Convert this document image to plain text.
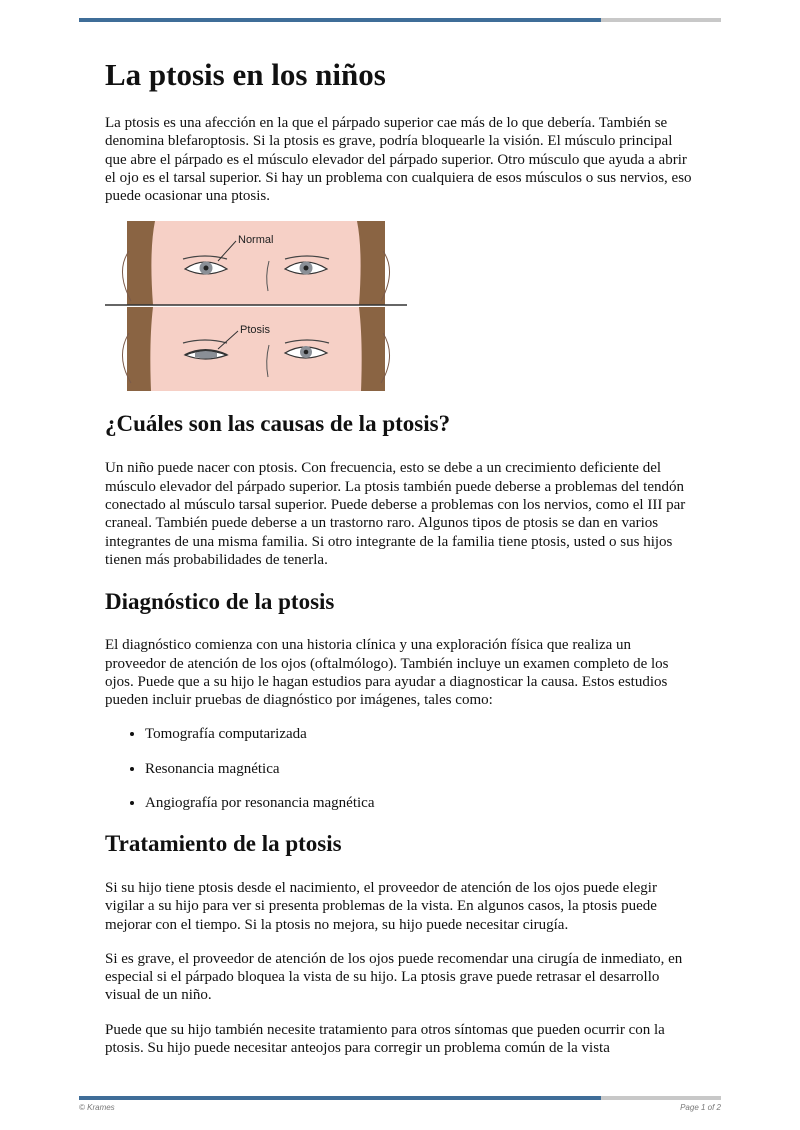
La ptosis en los niños

La ptosis es una afección en la que el párpado superior cae más de lo que debería. También se denomina blefaroptosis. Si la ptosis es grave, podría bloquearle la visión. El músculo principal que abre el párpado es el músculo elevador del párpado superior. Otro músculo que ayuda a abrir el ojo es el tarsal superior. Si hay un problema con cualquiera de esos músculos o sus nervios, eso puede ocasionar una ptosis.

Normal
Ptosis
¿Cuáles son las causas de la ptosis?

Un niño puede nacer con ptosis. Con frecuencia, esto se debe a un crecimiento deficiente del músculo elevador del párpado superior. La ptosis también puede deberse a problemas del tendón conectado al músculo tarsal superior. Puede deberse a problemas con los nervios, como el III par craneal. También puede deberse a un trastorno raro. Algunos tipos de ptosis se dan en varios integrantes de una misma familia. Si otro integrante de la familia tiene ptosis, usted o sus hijos tienen más probabilidades de tenerla.

Diagnóstico de la ptosis

El diagnóstico comienza con una historia clínica y una exploración física que realiza un proveedor de atención de los ojos (oftalmólogo). También incluye un examen completo de los ojos. Puede que a su hijo le hagan estudios para ayudar a diagnosticar la causa. Estos estudios pueden incluir pruebas de diagnóstico por imágenes, tales como:

• Tomografía computarizada
• Resonancia magnética
• Angiografía por resonancia magnética
Tratamiento de la ptosis

Si su hijo tiene ptosis desde el nacimiento, el proveedor de atención de los ojos puede elegir vigilar a su hijo para ver si presenta problemas de la vista. En algunos casos, la ptosis puede mejorar con el tiempo. Si la ptosis no mejora, su hijo puede necesitar cirugía.

Si es grave, el proveedor de atención de los ojos puede recomendar una cirugía de inmediato, en especial si el párpado bloquea la vista de su hijo. La ptosis grave puede retrasar el desarrollo visual de un niño.

Puede que su hijo también necesite tratamiento para otros síntomas que pueden ocurrir con la ptosis. Su hijo puede necesitar anteojos para corregir un problema común de la vista

© Krames	Page 1 of 2
